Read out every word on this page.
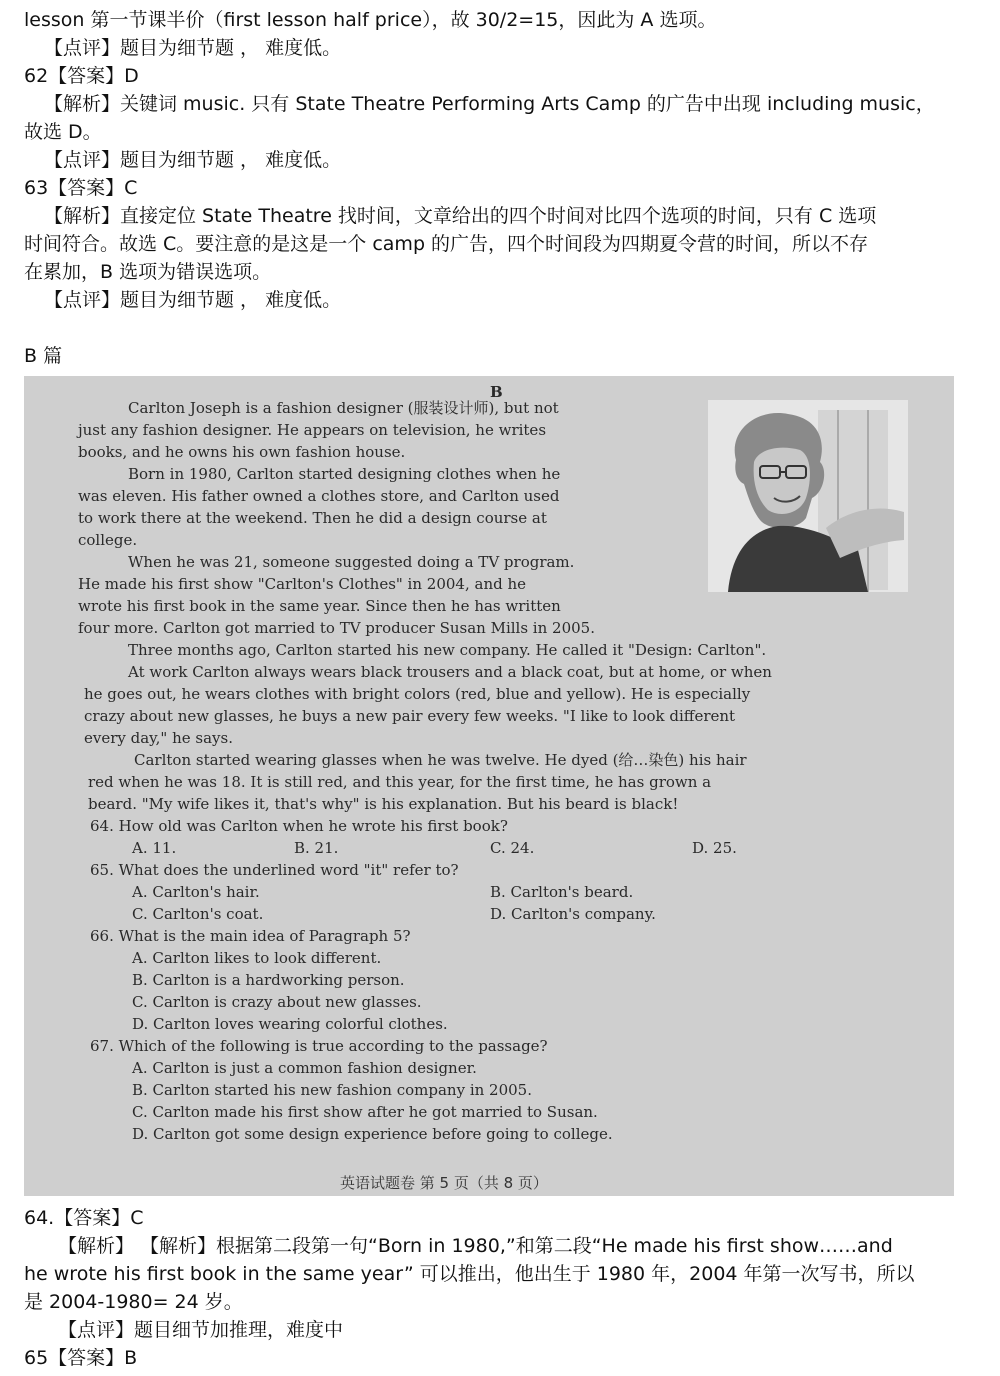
lesson 第一节课半价（first lesson half price），故 30/2=15，因此为 A 选项。
【点评】题目为细节题 ， 难度低。
62【答案】D
【解析】关键词 music. 只有 State Theatre Performing Arts Camp 的广告中出现 including music，
故选 D。
【点评】题目为细节题 ， 难度低。
63【答案】C
【解析】直接定位 State Theatre 找时间，文章给出的四个时间对比四个选项的时间，只有 C 选项
时间符合。故选 C。要注意的是这是一个 camp 的广告，四个时间段为四期夏令营的时间，所以不存
在累加，B 选项为错误选项。
【点评】题目为细节题 ， 难度低。
B 篇
B
Carlton Joseph is a fashion designer (服装设计师), but not
just any fashion designer. He appears on television, he writes
books, and he owns his own fashion house.
Born in 1980, Carlton started designing clothes when he
was eleven. His father owned a clothes store, and Carlton used
to work there at the weekend. Then he did a design course at
college.
When he was 21, someone suggested doing a TV program.
He made his first show "Carlton's Clothes" in 2004, and he
wrote his first book in the same year. Since then he has written
four more. Carlton got married to TV producer Susan Mills in 2005.
Three months ago, Carlton started his new company. He called it "Design: Carlton".
At work Carlton always wears black trousers and a black coat, but at home, or when
he goes out, he wears clothes with bright colors (red, blue and yellow). He is especially
crazy about new glasses, he buys a new pair every few weeks. "I like to look different
every day," he says.
Carlton started wearing glasses when he was twelve. He dyed (给…染色) his hair
red when he was 18. It is still red, and this year, for the first time, he has grown a
beard. "My wife likes it, that's why" is his explanation. But his beard is black!
64. How old was Carlton when he wrote his first book?
A. 11.	B. 21.	C. 24.	D. 25.
65. What does the underlined word "it" refer to?
A. Carlton's hair.	B. Carlton's beard.
C. Carlton's coat.	D. Carlton's company.
66. What is the main idea of Paragraph 5?
A. Carlton likes to look different.
B. Carlton is a hardworking person.
C. Carlton is crazy about new glasses.
D. Carlton loves wearing colorful clothes.
67. Which of the following is true according to the passage?
A. Carlton is just a common fashion designer.
B. Carlton started his new fashion company in 2005.
C. Carlton made his first show after he got married to Susan.
D. Carlton got some design experience before going to college.
英语试题卷 第 5 页（共 8 页）
64.【答案】C
【解析】 【解析】根据第二段第一句“Born in 1980,”和第二段“He made his first show……and
he wrote his first book in the same year” 可以推出，他出生于 1980 年，2004 年第一次写书，所以
是 2004-1980= 24 岁。
【点评】题目细节加推理，难度中
65【答案】B
